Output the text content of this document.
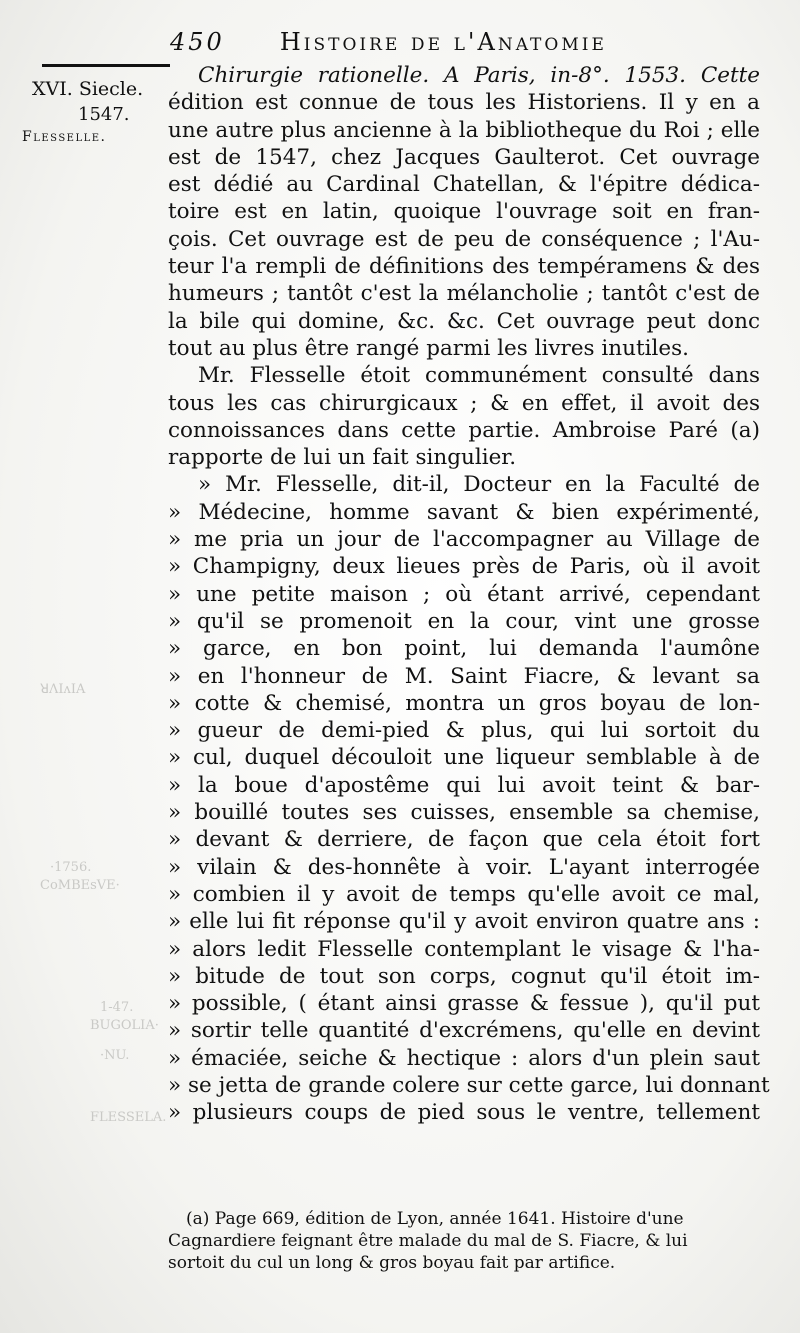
450 Histoire de l'Anatomie
XVI. Siecle.
1547.
Flesselle.
ꓤɅIʌIA
·1756.
CoMBEsVE·
1-47.
BUGOLIA·
·NU.
FLESSELA.
Chirurgie rationelle. A Paris, in-8°. 1553. Cette
édition est connue de tous les Historiens. Il y en a
une autre plus ancienne à la bibliotheque du Roi ; elle
est de 1547, chez Jacques Gaulterot. Cet ouvrage
est dédié au Cardinal Chatellan, & l'épitre dédica-
toire est en latin, quoique l'ouvrage soit en fran-
çois. Cet ouvrage est de peu de conséquence ; l'Au-
teur l'a rempli de définitions des tempéramens & des
humeurs ; tantôt c'est la mélancholie ; tantôt c'est de
la bile qui domine, &c. &c. Cet ouvrage peut donc
tout au plus être rangé parmi les livres inutiles.
Mr. Flesselle étoit communément consulté dans
tous les cas chirurgicaux ; & en effet, il avoit des
connoissances dans cette partie. Ambroise Paré (a)
rapporte de lui un fait singulier.
» Mr. Flesselle, dit-il, Docteur en la Faculté de
» Médecine, homme savant & bien expérimenté,
» me pria un jour de l'accompagner au Village de
» Champigny, deux lieues près de Paris, où il avoit
» une petite maison ; où étant arrivé, cependant
» qu'il se promenoit en la cour, vint une grosse
» garce, en bon point, lui demanda l'aumône
» en l'honneur de M. Saint Fiacre, & levant sa
» cotte & chemisé, montra un gros boyau de lon-
» gueur de demi-pied & plus, qui lui sortoit du
» cul, duquel découloit une liqueur semblable à de
» la boue d'apostême qui lui avoit teint & bar-
» bouillé toutes ses cuisses, ensemble sa chemise,
» devant & derriere, de façon que cela étoit fort
» vilain & des-honnête à voir. L'ayant interrogée
» combien il y avoit de temps qu'elle avoit ce mal,
» elle lui fit réponse qu'il y avoit environ quatre ans :
» alors ledit Flesselle contemplant le visage & l'ha-
» bitude de tout son corps, cognut qu'il étoit im-
» possible, ( étant ainsi grasse & fessue ), qu'il put
» sortir telle quantité d'excrémens, qu'elle en devint
» émaciée, seiche & hectique : alors d'un plein saut
» se jetta de grande colere sur cette garce, lui donnant
» plusieurs coups de pied sous le ventre, tellement
(a) Page 669, édition de Lyon, année 1641. Histoire d'une
Cagnardiere feignant être malade du mal de S. Fiacre, & lui
sortoit du cul un long & gros boyau fait par artifice.
